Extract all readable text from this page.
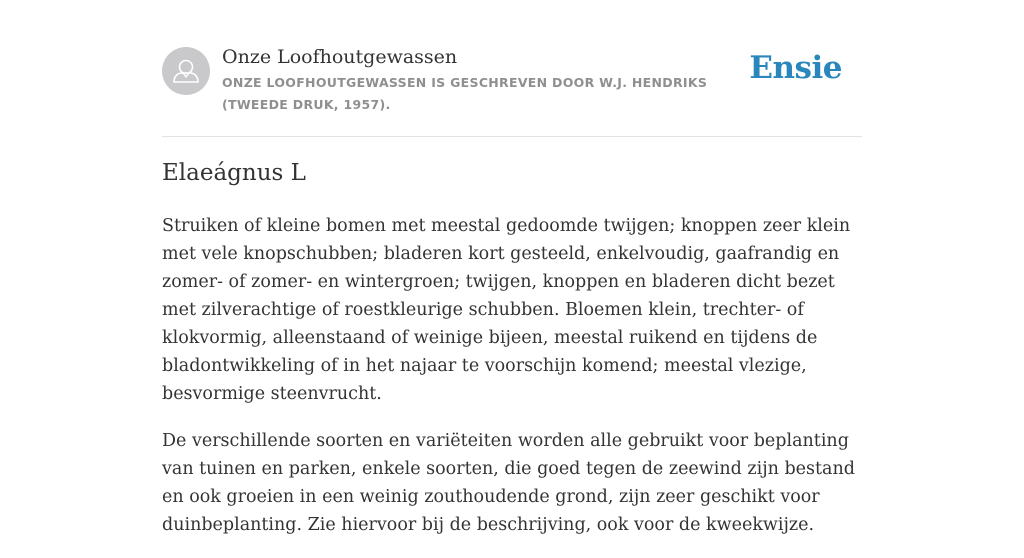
Onze Loofhoutgewassen
ONZE LOOFHOUTGEWASSEN IS GESCHREVEN DOOR W.J. HENDRIKS (TWEEDE DRUK, 1957).
Ensie
Elaeágnus L

Struiken of kleine bomen met meestal gedoomde twijgen; knoppen zeer klein met vele knopschubben; bladeren kort gesteeld, enkelvoudig, gaafrandig en zomer- of zomer- en wintergroen; twijgen, knoppen en bladeren dicht bezet met zilverachtige of roestkleurige schubben. Bloemen klein, trechter- of klokvormig, alleenstaand of weinige bijeen, meestal ruikend en tijdens de bladontwikkeling of in het najaar te voorschijn komend; meestal vlezige, besvormige steenvrucht.

De verschillende soorten en variëteiten worden alle gebruikt voor beplanting van tuinen en parken, enkele soorten, die goed tegen de zeewind zijn bestand en ook groeien in een weinig zouthoudende grond, zijn zeer geschikt voor duinbeplanting. Zie hiervoor bij de beschrijving, ook voor de kweekwijze.
